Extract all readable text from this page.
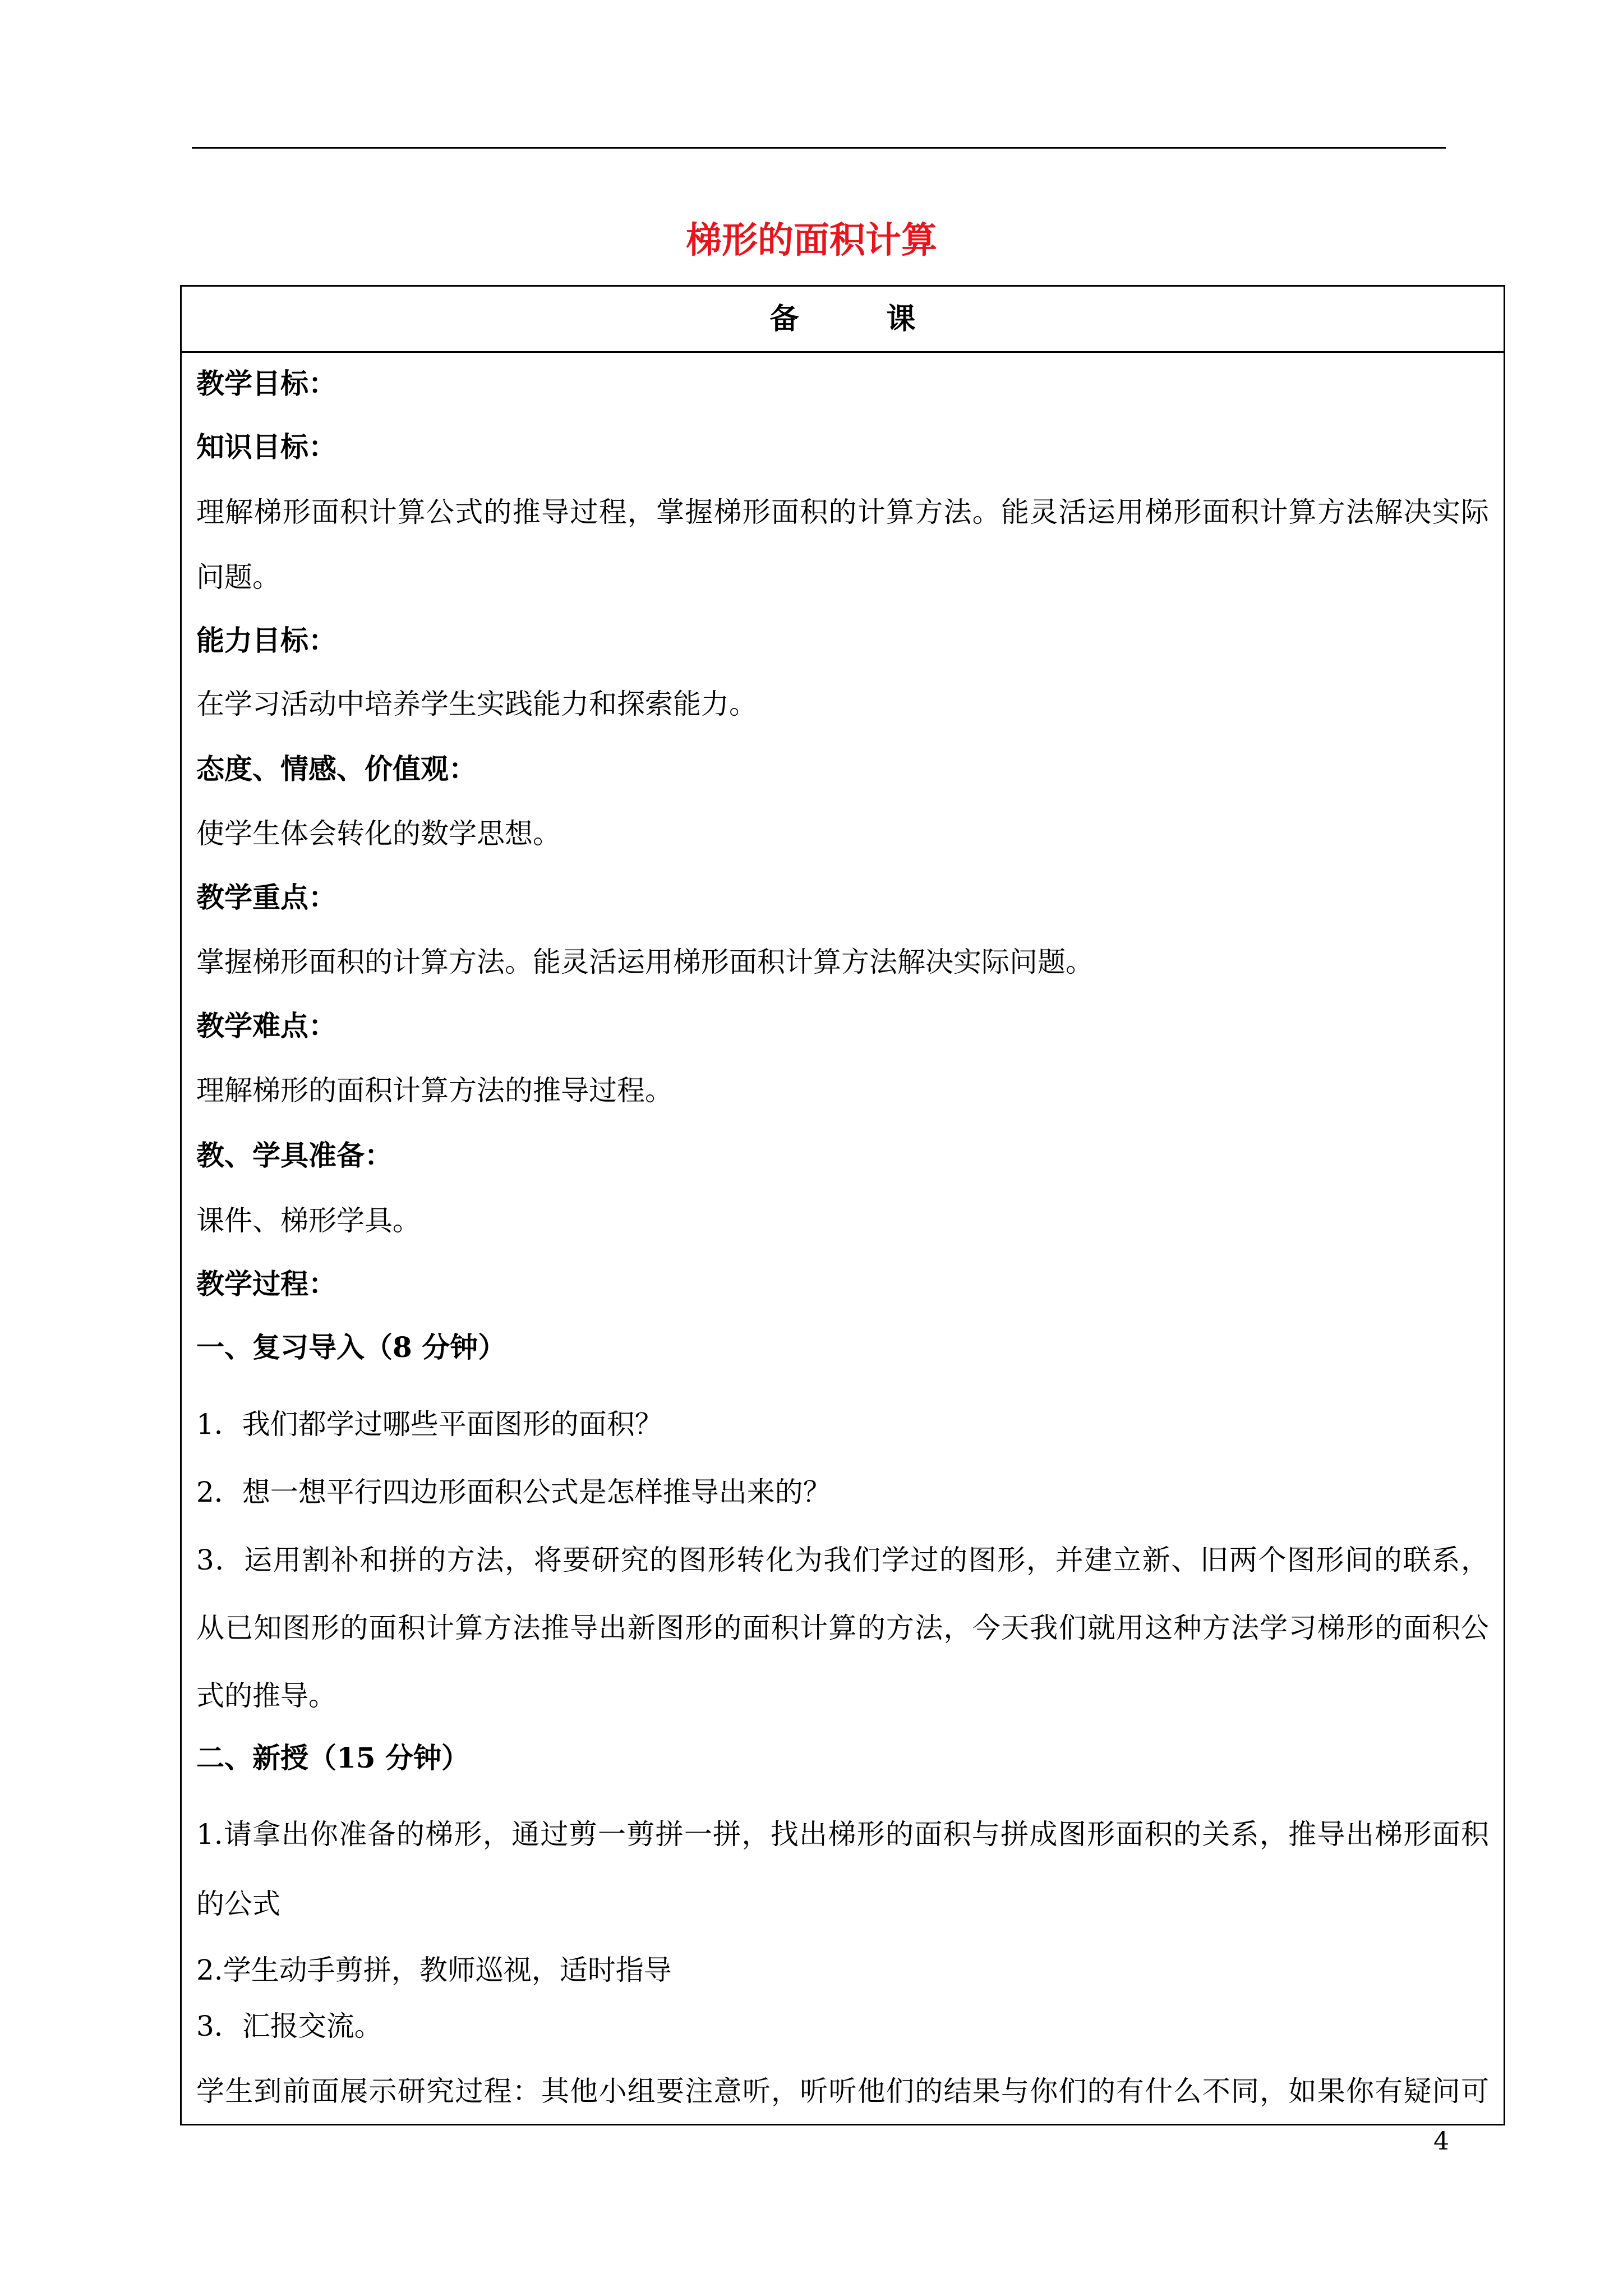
梯形的面积计算
备　　　课
教学目标：
知识目标：
理解梯形面积计算公式的推导过程，掌握梯形面积的计算方法。能灵活运用梯形面积计算方法解决实际
问题。
能力目标：
在学习活动中培养学生实践能力和探索能力。
态度、情感、价值观：
使学生体会转化的数学思想。
教学重点：
掌握梯形面积的计算方法。能灵活运用梯形面积计算方法解决实际问题。
教学难点：
理解梯形的面积计算方法的推导过程。
教、学具准备：
课件、梯形学具。
教学过程：
一、复习导入（8 分钟）
1．我们都学过哪些平面图形的面积？
2．想一想平行四边形面积公式是怎样推导出来的？
3．运用割补和拼的方法，将要研究的图形转化为我们学过的图形，并建立新、旧两个图形间的联系，
从已知图形的面积计算方法推导出新图形的面积计算的方法，今天我们就用这种方法学习梯形的面积公
式的推导。
二、新授（15 分钟）
1.请拿出你准备的梯形，通过剪一剪拼一拼，找出梯形的面积与拼成图形面积的关系，推导出梯形面积
的公式
2.学生动手剪拼，教师巡视，适时指导
3．汇报交流。
学生到前面展示研究过程：其他小组要注意听，听听他们的结果与你们的有什么不同，如果你有疑问可
4
